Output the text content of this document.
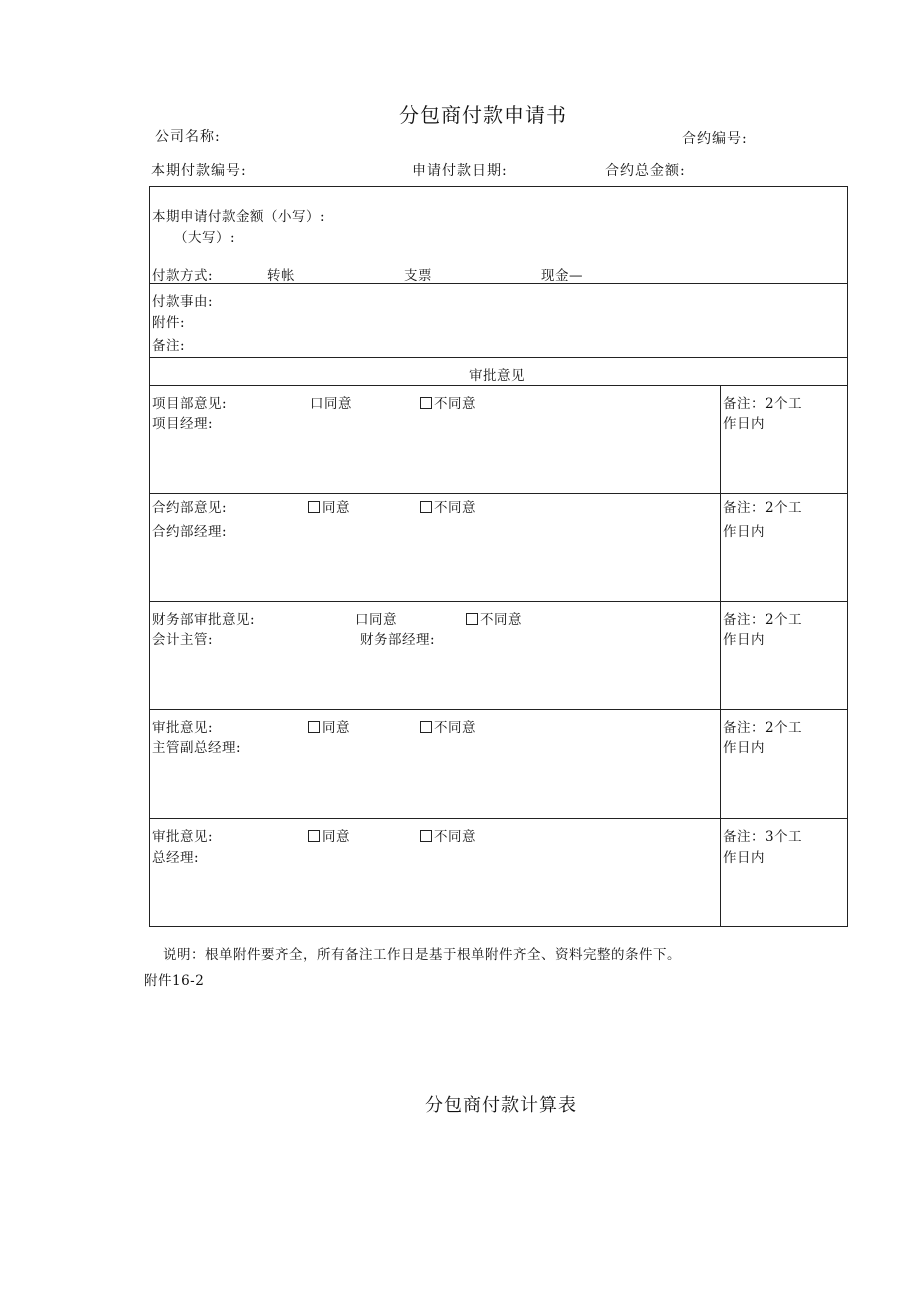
分包商付款申请书
公司名称:	合约编号:
本期付款编号:	申请付款日期:	合约总金额:
本期申请付款金额（小写）:
（大写）:
付款方式:	转帐	支票	现金—
付款事由:
附件:
备注:
审批意见
项目部意见:	口同意	不同意
项目经理:
备注：2个工
作日内
合约部意见:	同意	不同意
合约部经理:
备注：2个工
作日内
财务部审批意见:	口同意	不同意
会计主管:	财务部经理:
备注：2个工
作日内
审批意见:	同意	不同意
主管副总经理:
备注：2个工
作日内
审批意见:	同意	不同意
总经理:
备注：3个工
作日内
说明：根单附件要齐全，所有备注工作日是基于根单附件齐全、资料完整的条件下。
附件16-2
分包商付款计算表
